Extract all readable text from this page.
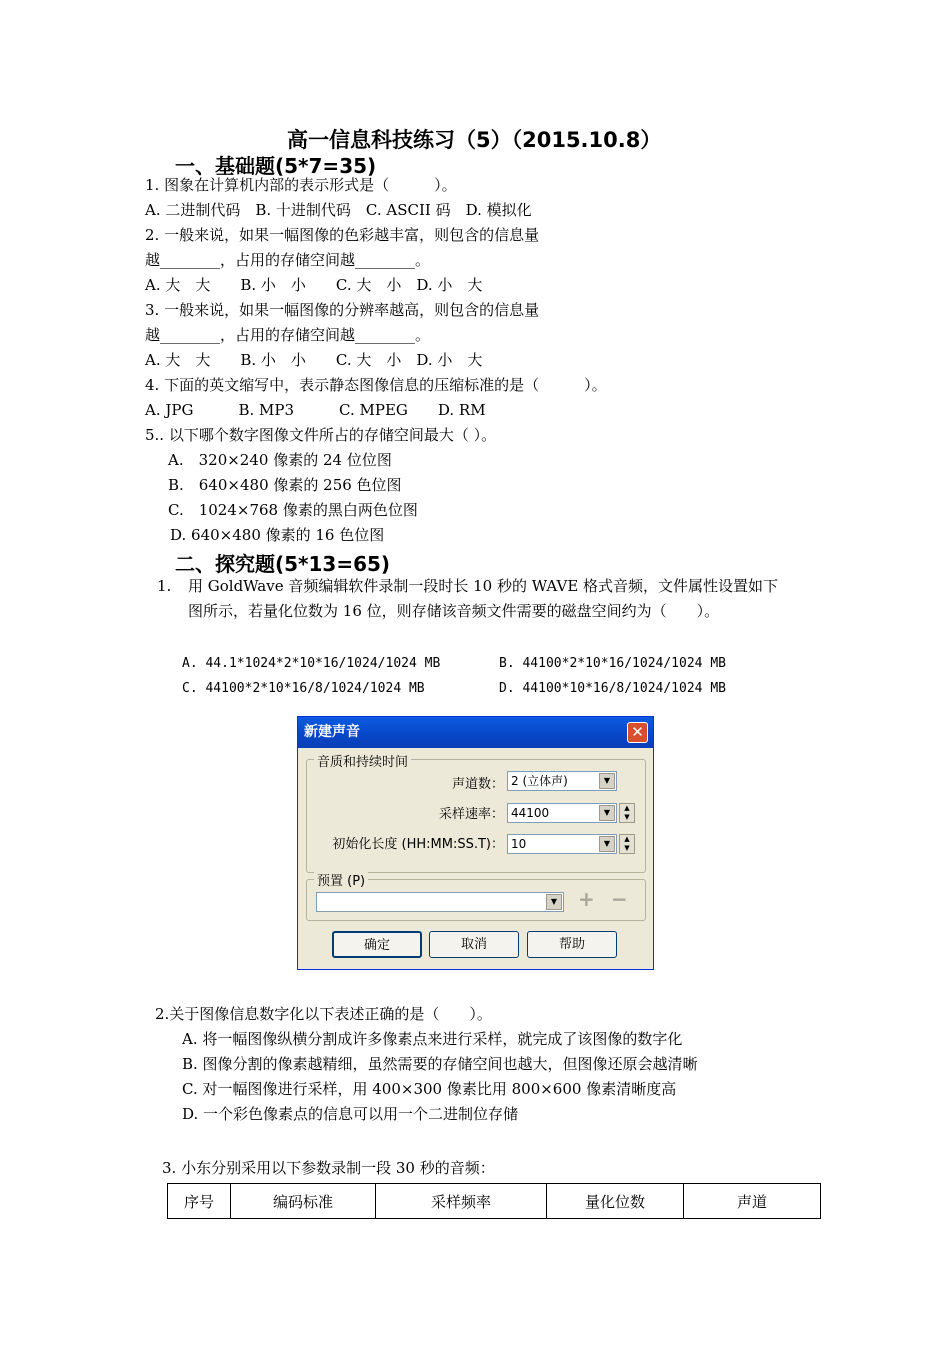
高一信息科技练习（5）（2015.10.8）
一、基础题(5*7=35)
1. 图象在计算机内部的表示形式是（　　　）。
A. 二进制代码　B. 十进制代码　C. ASCII 码　D. 模拟化
2. 一般来说，如果一幅图像的色彩越丰富，则包含的信息量
越________，占用的存储空间越________。
A. 大　大　　B. 小　小　　C. 大　小　D. 小　大
3. 一般来说，如果一幅图像的分辨率越高，则包含的信息量
越________，占用的存储空间越________。
A. 大　大　　B. 小　小　　C. 大　小　D. 小　大
4. 下面的英文缩写中，表示静态图像信息的压缩标准的是（　　　）。
A. JPG　　　B. MP3　　　C. MPEG　　D. RM
5.. 以下哪个数字图像文件所占的存储空间最大（ ）。
A.　320×240 像素的 24 位位图
B.　640×480 像素的 256 色位图
C.　1024×768 像素的黑白两色位图
D. 640×480 像素的 16 色位图
二、探究题(5*13=65)
1. 用 GoldWave 音频编辑软件录制一段时长 10 秒的 WAVE 格式音频，文件属性设置如下
图所示，若量化位数为 16 位，则存储该音频文件需要的磁盘空间约为（　　）。
A. 44.1*1024*2*10*16/1024/1024 MB	B. 44100*2*10*16/1024/1024 MB
C. 44100*2*10*16/8/1024/1024 MB	D. 44100*10*16/8/1024/1024 MB
新建声音	✕
音质和持续时间
声道数： 2 (立体声)	▼
采样速率： 44100	▼	▲
▼
初始化长度 (HH:MM:SS.T)： 10	▼	▲
▼
预置 (P)
▼ + −
确定	取消	帮助
2.关于图像信息数字化以下表述正确的是（　　）。
A. 将一幅图像纵横分割成许多像素点来进行采样，就完成了该图像的数字化
B. 图像分割的像素越精细，虽然需要的存储空间也越大，但图像还原会越清晰
C. 对一幅图像进行采样，用 400×300 像素比用 800×600 像素清晰度高
D. 一个彩色像素点的信息可以用一个二进制位存储
3. 小东分别采用以下参数录制一段 30 秒的音频：
序号	编码标准	采样频率	量化位数	声道
